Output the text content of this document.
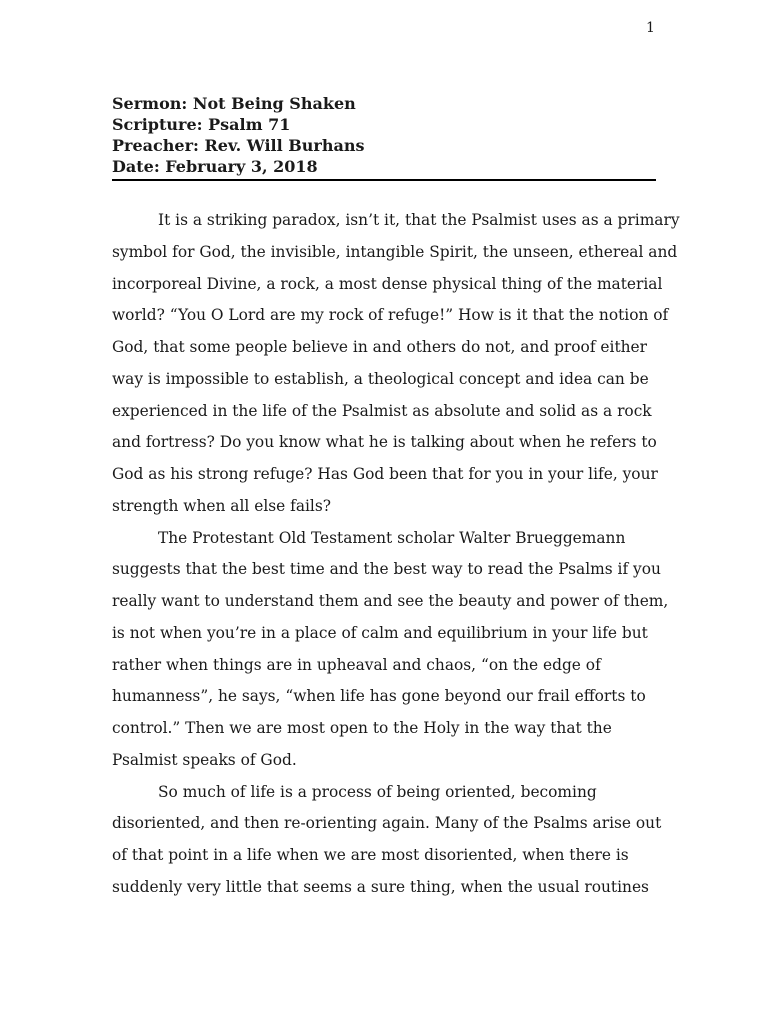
1
Sermon: Not Being Shaken
Scripture: Psalm 71
Preacher: Rev. Will Burhans
Date: February 3, 2018
It is a striking paradox, isn’t it, that the Psalmist uses as a primary
symbol for God, the invisible, intangible Spirit, the unseen, ethereal and
incorporeal Divine, a rock, a most dense physical thing of the material
world? “You O Lord are my rock of refuge!” How is it that the notion of
God, that some people believe in and others do not, and proof either
way is impossible to establish, a theological concept and idea can be
experienced in the life of the Psalmist as absolute and solid as a rock
and fortress? Do you know what he is talking about when he refers to
God as his strong refuge? Has God been that for you in your life, your
strength when all else fails?
The Protestant Old Testament scholar Walter Brueggemann
suggests that the best time and the best way to read the Psalms if you
really want to understand them and see the beauty and power of them,
is not when you’re in a place of calm and equilibrium in your life but
rather when things are in upheaval and chaos, “on the edge of
humanness”, he says, “when life has gone beyond our frail efforts to
control.” Then we are most open to the Holy in the way that the
Psalmist speaks of God.
So much of life is a process of being oriented, becoming
disoriented, and then re-orienting again. Many of the Psalms arise out
of that point in a life when we are most disoriented, when there is
suddenly very little that seems a sure thing, when the usual routines
